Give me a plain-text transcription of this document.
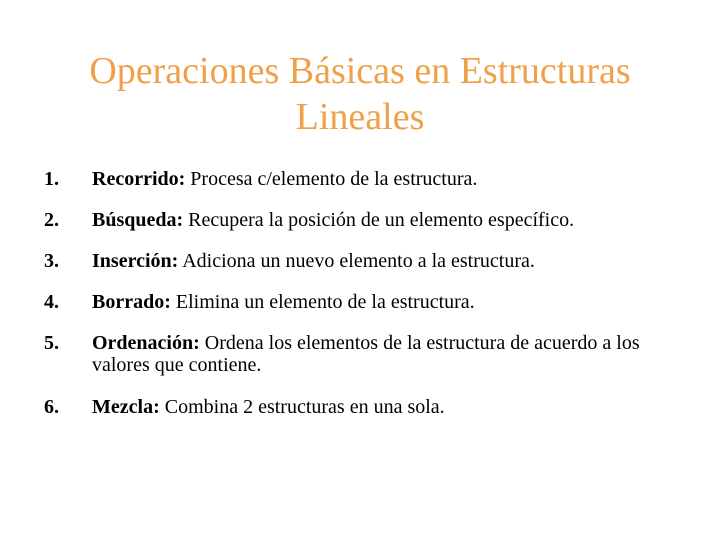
Operaciones Básicas en Estructuras Lineales
1.	Recorrido: Procesa c/elemento de la estructura.
2.	Búsqueda: Recupera la posición de un elemento específico.
3.	Inserción: Adiciona un nuevo elemento a la estructura.
4.	Borrado: Elimina un elemento de la estructura.
5.	Ordenación: Ordena los elementos de la estructura de acuerdo a los valores que contiene.
6.	Mezcla: Combina 2 estructuras en una sola.
